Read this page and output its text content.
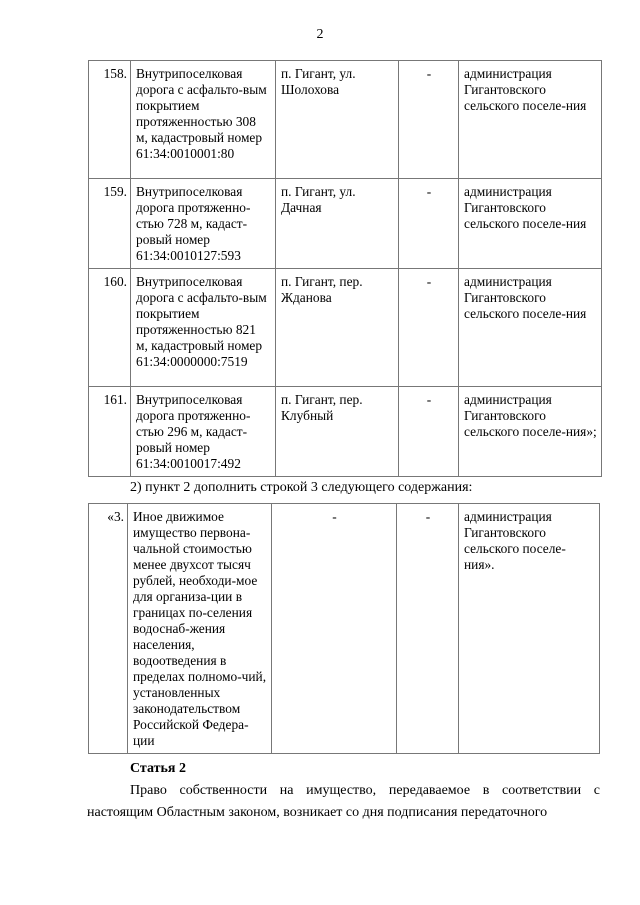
2
158.	Внутрипоселковая дорога с асфальто-вым покрытием протяженностью 308 м, кадастровый номер 61:34:0010001:80	п. Гигант, ул. Шолохова	-	администрация Гигантовского сельского поселе-ния
159.	Внутрипоселковая дорога протяженно-стью 728 м, кадаст-ровый номер 61:34:0010127:593	п. Гигант, ул. Дачная	-	администрация Гигантовского сельского поселе-ния
160.	Внутрипоселковая дорога с асфальто-вым покрытием протяженностью 821 м, кадастровый номер 61:34:0000000:7519	п. Гигант, пер. Жданова	-	администрация Гигантовского сельского поселе-ния
161.	Внутрипоселковая дорога протяженно-стью 296 м, кадаст-ровый номер 61:34:0010017:492	п. Гигант, пер. Клубный	-	администрация Гигантовского сельского поселе-ния»;
2) пункт 2 дополнить строкой 3 следующего содержания:
«3.	Иное движимое имущество первона-чальной стоимостью менее двухсот тысяч рублей, необходи-мое для организа-ции в границах по-селения водоснаб-жения населения, водоотведения в пределах полномо-чий, установленных законодательством Российской Федера-ции	-	-	администрация Гигантовского сельского поселе-ния».
Статья 2
Право собственности на имущество, передаваемое в соответствии с настоящим Областным законом, возникает со дня подписания передаточного
